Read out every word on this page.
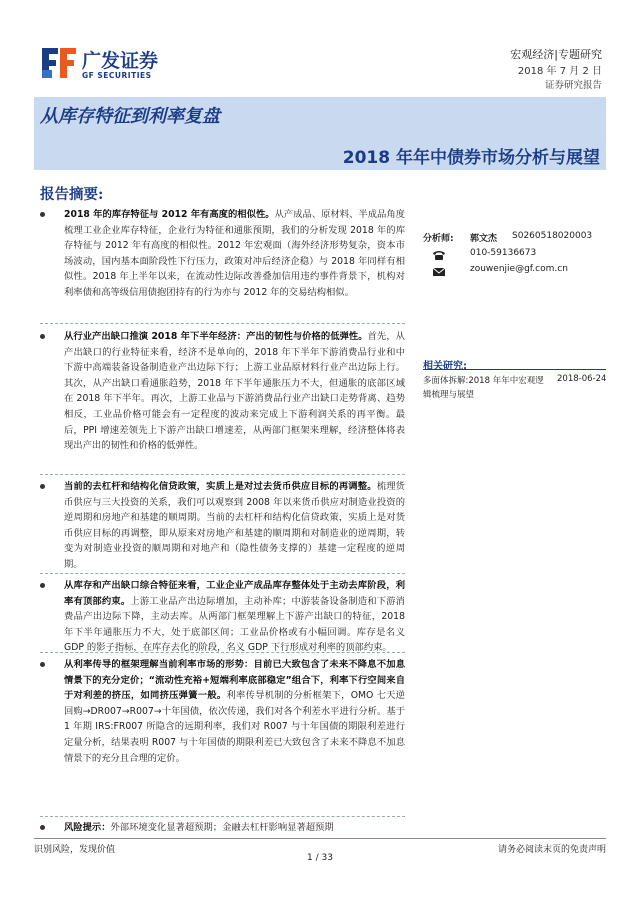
广发证券
GF SECURITIES
宏观经济|专题研究
2018 年 7 月 2 日
证券研究报告
从库存特征到利率复盘
2018 年年中债券市场分析与展望
报告摘要:
2018 年的库存特征与 2012 年有高度的相似性。从产成品、原材料、半成品角度梳理工业企业库存特征，企业行为特征和通胀预期，我们的分析发现 2018 年的库存特征与 2012 年有高度的相似性。2012 年宏观面（海外经济形势复杂，资本市场波动，国内基本面阶段性下行压力，政策对冲后经济企稳）与 2018 年同样有相似性。2018 年上半年以来，在流动性边际改善叠加信用违约事件背景下，机构对利率债和高等级信用债抱团持有的行为亦与 2012 年的交易结构相似。
从行业产出缺口推演 2018 年下半年经济：产出的韧性与价格的低弹性。首先，从产出缺口的行业特征来看，经济不是单向的，2018 年下半年下游消费品行业和中下游中高端装备设备制造业产出边际下行；上游工业品原材料行业产出边际上行。其次，从产出缺口看通胀趋势，2018 年下半年通胀压力不大，但通胀的底部区域在 2018 年下半年。再次，上游工业品与下游消费品行业产出缺口走势背离、趋势相反，工业品价格可能会有一定程度的波动来完成上下游利润关系的再平衡。最后，PPI 增速差领先上下游产出缺口增速差，从两部门框架来理解，经济整体将表现出产出的韧性和价格的低弹性。
当前的去杠杆和结构化信贷政策，实质上是对过去货币供应目标的再调整。梳理货币供应与三大投资的关系，我们可以观察到 2008 年以来货币供应对制造业投资的逆周期和房地产和基建的顺周期。当前的去杠杆和结构化信贷政策，实质上是对货币供应目标的再调整，即从原来对房地产和基建的顺周期和对制造业的逆周期，转变为对制造业投资的顺周期和对地产和（隐性债务支撑的）基建一定程度的逆周期。
从库存和产出缺口综合特征来看，工业企业产成品库存整体处于主动去库阶段，利率有顶部约束。上游工业品产出边际增加，主动补库；中游装备设备制造和下游消费品产出边际下降，主动去库。从两部门框架理解上下游产出缺口的特征，2018 年下半年通胀压力不大，处于底部区间；工业品价格或有小幅回调。库存是名义 GDP 的影子指标，在库存去化的阶段，名义 GDP 下行形成对利率的顶部约束。
从利率传导的框架理解当前利率市场的形势：目前已大致包含了未来不降息不加息情景下的充分定价；“流动性充裕+短端利率底部稳定”组合下，利率下行空间来自于对利差的挤压，如同挤压弹簧一般。利率传导机制的分析框架下，OMO 七天逆回购→DR007→R007→十年国债，依次传递，我们对各个利差水平进行分析。基于 1 年期 IRS:FR007 所隐含的远期利率，我们对 R007 与十年国债的期限利差进行定量分析，结果表明 R007 与十年国债的期限利差已大致包含了未来不降息不加息情景下的充分且合理的定价。
风险提示：外部环境变化显著超预期；金融去杠杆影响显著超预期
分析师: 郭文杰 S0260518020003
010-59136673
zouwenjie@gf.com.cn
相关研究:
多面体拆解:2018 年年中宏观逻辑梳理与展望
2018-06-24
识别风险，发现价值	请务必阅读末页的免责声明
1 / 33
